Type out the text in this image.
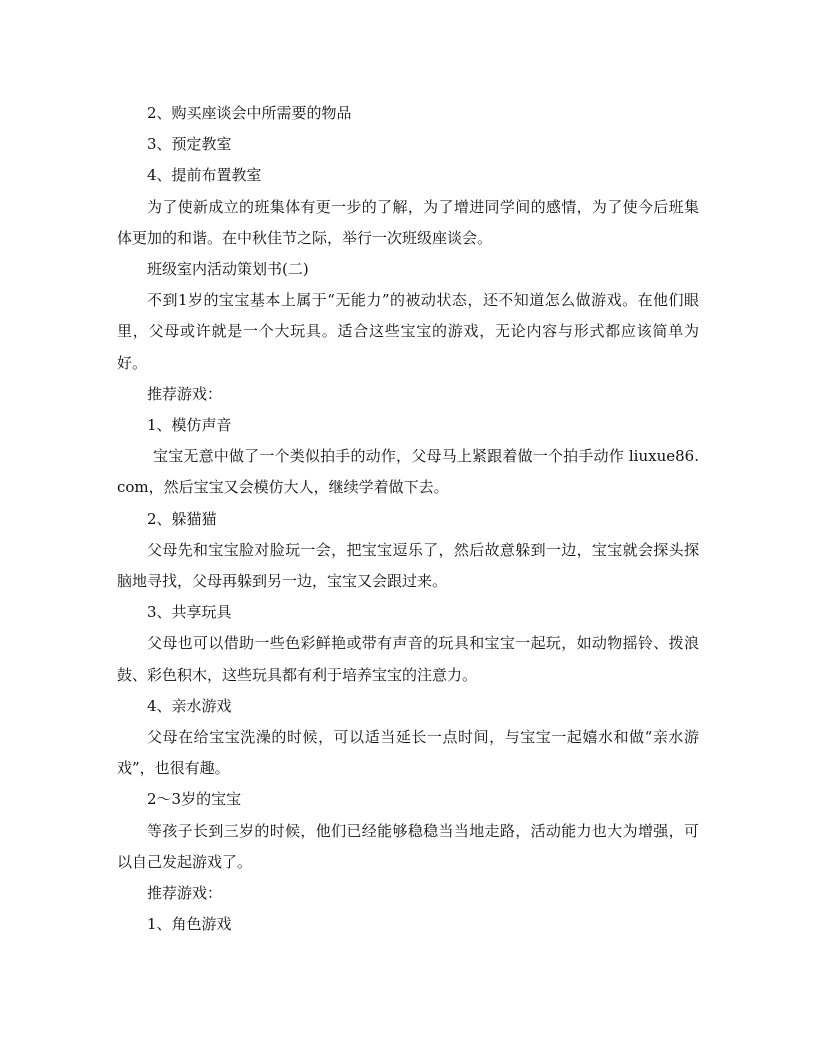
2、购买座谈会中所需要的物品

3、预定教室

4、提前布置教室

为了使新成立的班集体有更一步的了解，为了增进同学间的感情，为了使今后班集体更加的和谐。在中秋佳节之际，举行一次班级座谈会。

班级室内活动策划书(二)

不到1岁的宝宝基本上属于“无能力”的被动状态，还不知道怎么做游戏。在他们眼里，父母或许就是一个大玩具。适合这些宝宝的游戏，无论内容与形式都应该简单为好。

推荐游戏：

1、模仿声音

宝宝无意中做了一个类似拍手的动作，父母马上紧跟着做一个拍手动作 liuxue86.com，然后宝宝又会模仿大人，继续学着做下去。

2、躲猫猫

父母先和宝宝脸对脸玩一会，把宝宝逗乐了，然后故意躲到一边，宝宝就会探头探脑地寻找，父母再躲到另一边，宝宝又会跟过来。

3、共享玩具

父母也可以借助一些色彩鲜艳或带有声音的玩具和宝宝一起玩，如动物摇铃、拨浪鼓、彩色积木，这些玩具都有利于培养宝宝的注意力。

4、亲水游戏

父母在给宝宝洗澡的时候，可以适当延长一点时间，与宝宝一起嬉水和做“亲水游戏”，也很有趣。

2～3岁的宝宝

等孩子长到三岁的时候，他们已经能够稳稳当当地走路，活动能力也大为增强，可以自己发起游戏了。

推荐游戏：

1、角色游戏
